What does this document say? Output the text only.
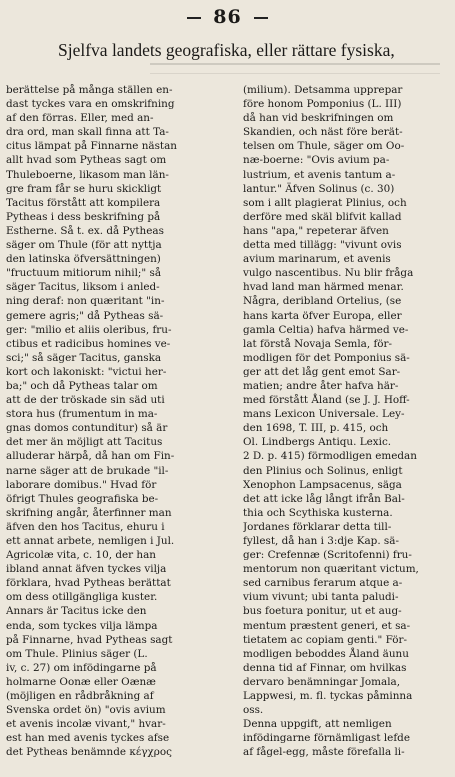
86
Sjelfva landets geografiska, eller rättare fysiska,
berättelse på många ställen en-
dast tyckes vara en omskrifning
af den förras. Eller, med an-
dra ord, man skall finna att Ta-
citus lämpat på Finnarne nästan
allt hvad som Pytheas sagt om
Thuleboerne, likasom man län-
gre fram får se huru skickligt
Tacitus förstått att kompilera
Pytheas i dess beskrifning på
Estherne. Så t. ex. då Pytheas
säger om Thule (för att nyttja
den latinska öfversättningen)
"fructuum mitiorum nihil;" så
säger Tacitus, liksom i anled-
ning deraf: non quæritant "in-
gemere agris;" då Pytheas sä-
ger: "milio et aliis oleribus, fru-
ctibus et radicibus homines ve-
sci;" så säger Tacitus, ganska
kort och lakoniskt: "victui her-
ba;" och då Pytheas talar om
att de der tröskade sin säd uti
stora hus (frumentum in ma-
gnas domos contunditur) så är
det mer än möjligt att Tacitus
alluderar härpå, då han om Fin-
narne säger att de brukade "il-
laborare domibus." Hvad för
öfrigt Thules geografiska be-
skrifning angår, återfinner man
äfven den hos Tacitus, ehuru i
ett annat arbete, nemligen i Jul.
Agricolæ vita, c. 10, der han
ibland annat äfven tyckes vilja
förklara, hvad Pytheas berättat
om dess otillgängliga kuster.
Annars är Tacitus icke den
enda, som tyckes vilja lämpa
på Finnarne, hvad Pytheas sagt
om Thule. Plinius säger (L.
iv, c. 27) om infödingarne på
holmarne Oonæ eller Oænæ
(möjligen en rådbråkning af
Svenska ordet ön) "ovis avium
et avenis incolæ vivant," hvar-
est han med avenis tyckes afse
det Pytheas benämnde κέγχρος
(milium). Detsamma upprepar
före honom Pomponius (L. III)
då han vid beskrifningen om
Skandien, och näst före berät-
telsen om Thule, säger om Oo-
næ-boerne: "Ovis avium pa-
lustrium, et avenis tantum a-
lantur." Äfven Solinus (c. 30)
som i allt plagierat Plinius, och
derföre med skäl blifvit kallad
hans "apa," repeterar äfven
detta med tillägg: "vivunt ovis
avium marinarum, et avenis
vulgo nascentibus. Nu blir fråga
hvad land man härmed menar.
Några, deribland Ortelius, (se
hans karta öfver Europa, eller
gamla Celtia) hafva härmed ve-
lat förstå Novaja Semla, för-
modligen för det Pomponius sä-
ger att det låg gent emot Sar-
matien; andre åter hafva här-
med förstått Åland (se J. J. Hoff-
mans Lexicon Universale. Ley-
den 1698, T. III, p. 415, och
Ol. Lindbergs Antiqu. Lexic.
2 D. p. 415) förmodligen emedan
den Plinius och Solinus, enligt
Xenophon Lampsacenus, säga
det att icke låg långt ifrån Bal-
thia och Scythiska kusterna.
Jordanes förklarar detta till-
fyllest, då han i 3:dje Kap. sä-
ger: Crefennæ (Scritofenni) fru-
mentorum non quæritant victum,
sed carnibus ferarum atque a-
vium vivunt; ubi tanta paludi-
bus foetura ponitur, ut et aug-
mentum præstent generi, et sa-
tietatem ac copiam genti." För-
modligen beboddes Åland äunu
denna tid af Finnar, om hvilkas
dervaro benämningar Jomala,
Lappwesi, m. fl. tyckas påminna
oss.
Denna uppgift, att nemligen
infödingarne förnämligast lefde
af fågel-egg, måste förefalla li-
